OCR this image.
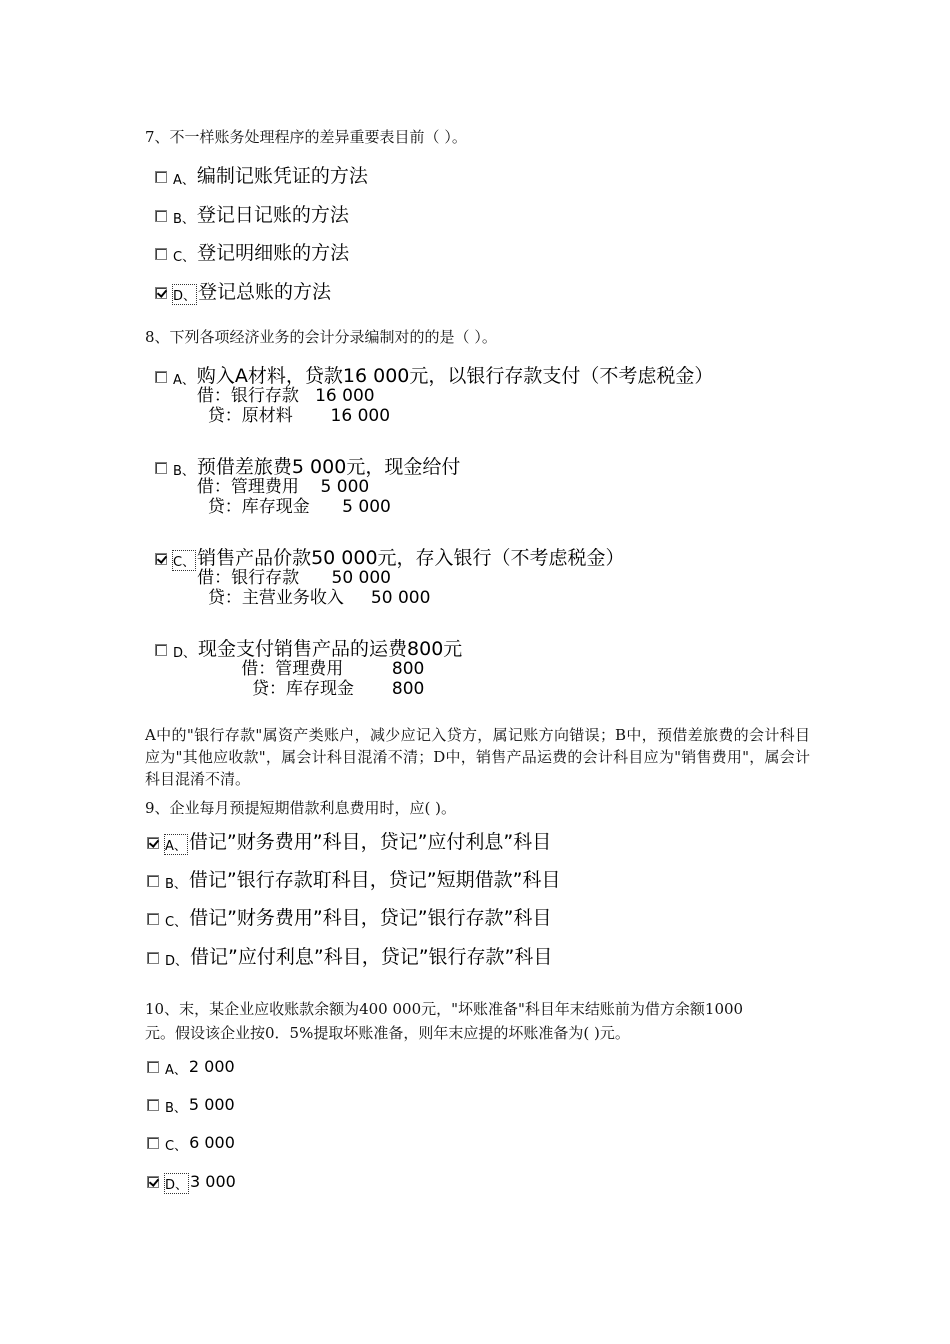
7、不一样账务处理程序的差异重要表目前（ ）。
A、 编制记账凭证的方法
B、 登记日记账的方法
C、 登记明细账的方法
D、 登记总账的方法
8、下列各项经济业务的会计分录编制对的的是（ ）。
A、 购入A材料，贷款16 000元，以银行存款支付（不考虑税金）
借：银行存款   16 000
贷：原材料       16 000
B、 预借差旅费5 000元，现金给付
借：管理费用    5 000
贷：库存现金      5 000
C、 销售产品价款50 000元，存入银行（不考虑税金）
借：银行存款      50 000
贷：主营业务收入     50 000
D、 现金支付销售产品的运费800元
借：管理费用         800
贷：库存现金       800
A中的"银行存款"属资产类账户，减少应记入贷方，属记账方向错误；B中，预借差旅费的会计科目应为"其他应收款"，属会计科目混淆不清；D中，销售产品运费的会计科目应为"销售费用"，属会计科目混淆不清。
9、企业每月预提短期借款利息费用时，应( )。
A、 借记”财务费用”科目，贷记”应付利息”科目
B、 借记”银行存款耵科目，贷记”短期借款”科目
C、 借记”财务费用”科目，贷记”银行存款”科目
D、 借记”应付利息”科目，贷记”银行存款”科目
10、末，某企业应收账款余额为400 000元，"坏账准备"科目年末结账前为借方余额1000
元。假设该企业按0．5%提取坏账准备，则年末应提的坏账准备为( )元。
A、 2 000
B、 5 000
C、 6 000
D、 3 000
